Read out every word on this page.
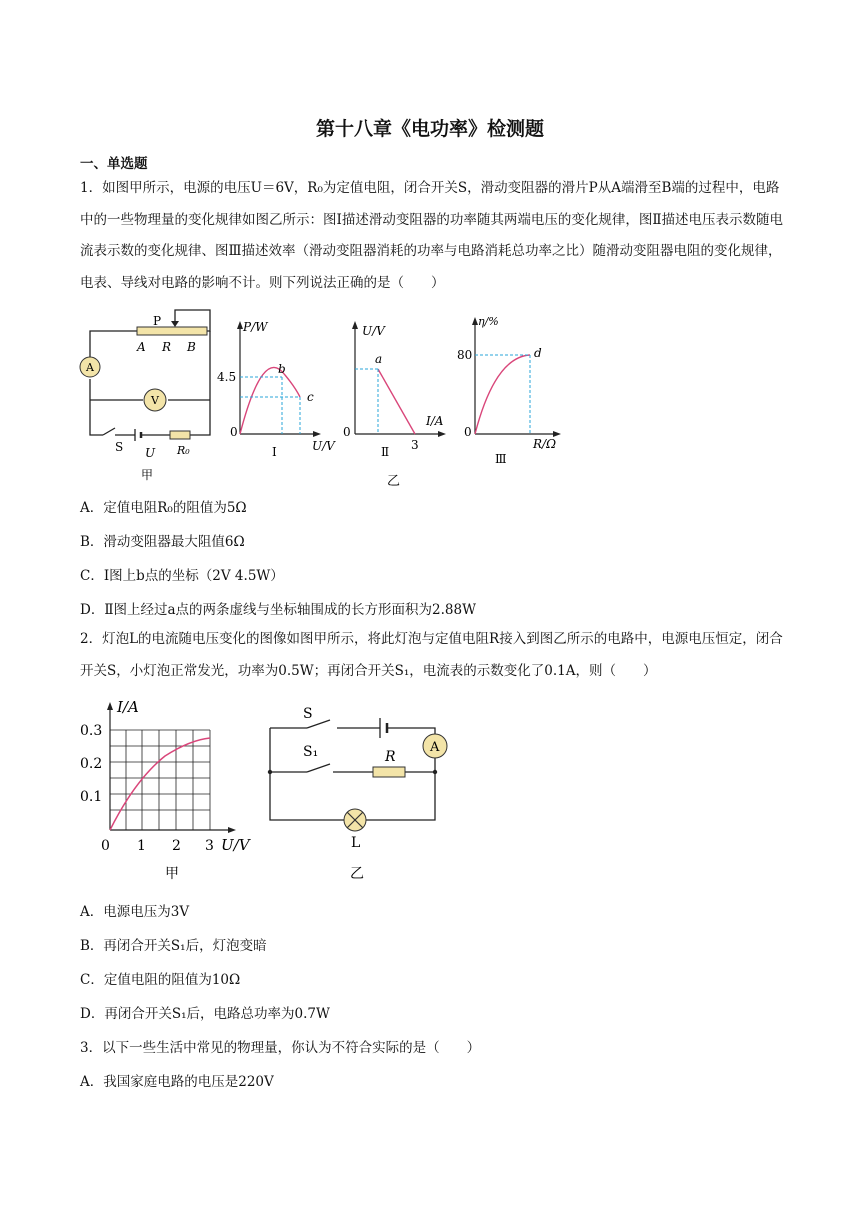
第十八章《电功率》检测题
一、单选题
1．如图甲所示，电源的电压U＝6V，R₀为定值电阻，闭合开关S，滑动变阻器的滑片P从A端滑至B端的过程中，电路中的一些物理量的变化规律如图乙所示：图Ⅰ描述滑动变阻器的功率随其两端电压的变化规律，图Ⅱ描述电压表示数随电流表示数的变化规律、图Ⅲ描述效率（滑动变阻器消耗的功率与电路消耗总功率之比）随滑动变阻器电阻的变化规律，电表、导线对电路的影响不计。则下列说法正确的是（　　）
P
A R B
A
V
S U R₀
甲
P/W
4.5
0
b
c
U/V
Ⅰ
U/V
a
I/A
3
0
Ⅱ
η/%
80	d
0
R/Ω
Ⅲ
乙
A．定值电阻R₀的阻值为5Ω
B．滑动变阻器最大阻值6Ω
C．Ⅰ图上b点的坐标（2V 4.5W）
D．Ⅱ图上经过a点的两条虚线与坐标轴围成的长方形面积为2.88W
2．灯泡L的电流随电压变化的图像如图甲所示，将此灯泡与定值电阻R接入到图乙所示的电路中，电源电压恒定，闭合开关S，小灯泡正常发光，功率为0.5W；再闭合开关S₁，电流表的示数变化了0.1A，则（　　）
I/A
0.3
0.2
0.1
0 1 2 3 U/V
甲
S
S₁	R
A
L
乙
A．电源电压为3V
B．再闭合开关S₁后，灯泡变暗
C．定值电阻的阻值为10Ω
D．再闭合开关S₁后，电路总功率为0.7W
3．以下一些生活中常见的物理量，你认为不符合实际的是（　　）
A．我国家庭电路的电压是220V
